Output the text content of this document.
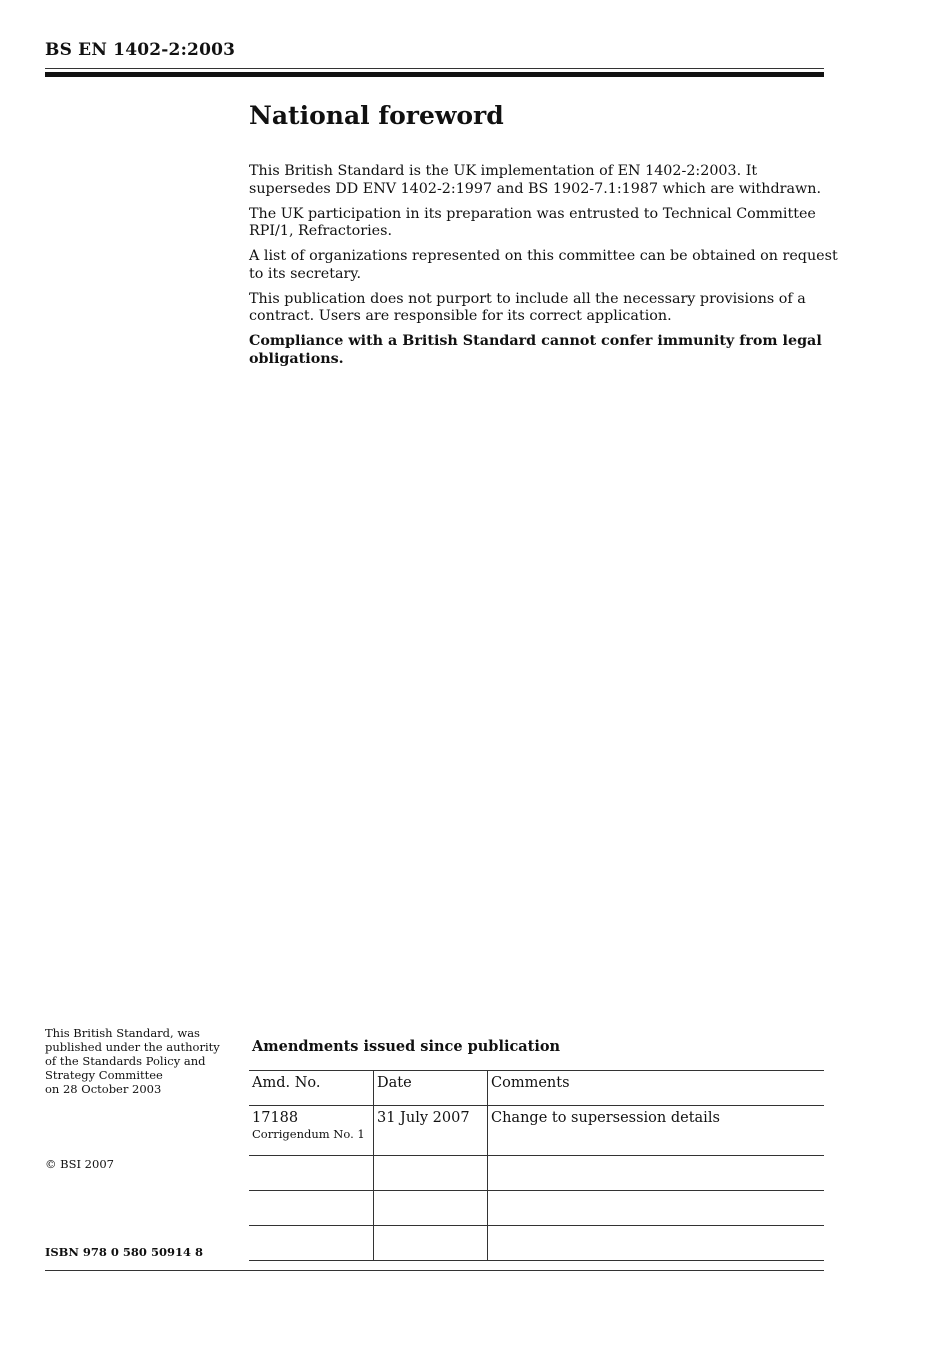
BS EN 1402-2:2003
National foreword

This British Standard is the UK implementation of EN 1402-2:2003. It supersedes DD ENV 1402-2:1997 and BS 1902-7.1:1987 which are withdrawn.

The UK participation in its preparation was entrusted to Technical Committee RPI/1, Refractories.

A list of organizations represented on this committee can be obtained on request to its secretary.

This publication does not purport to include all the necessary provisions of a contract. Users are responsible for its correct application.

Compliance with a British Standard cannot confer immunity from legal obligations.

This British Standard, was
published under the authority
of the Standards Policy and
Strategy Committee
on 28 October 2003
© BSI 2007
ISBN 978 0 580 50914 8
Amendments issued since publication
Amd. No.	Date	Comments
17188
Corrigendum No. 1	31 July 2007	Change to supersession details
